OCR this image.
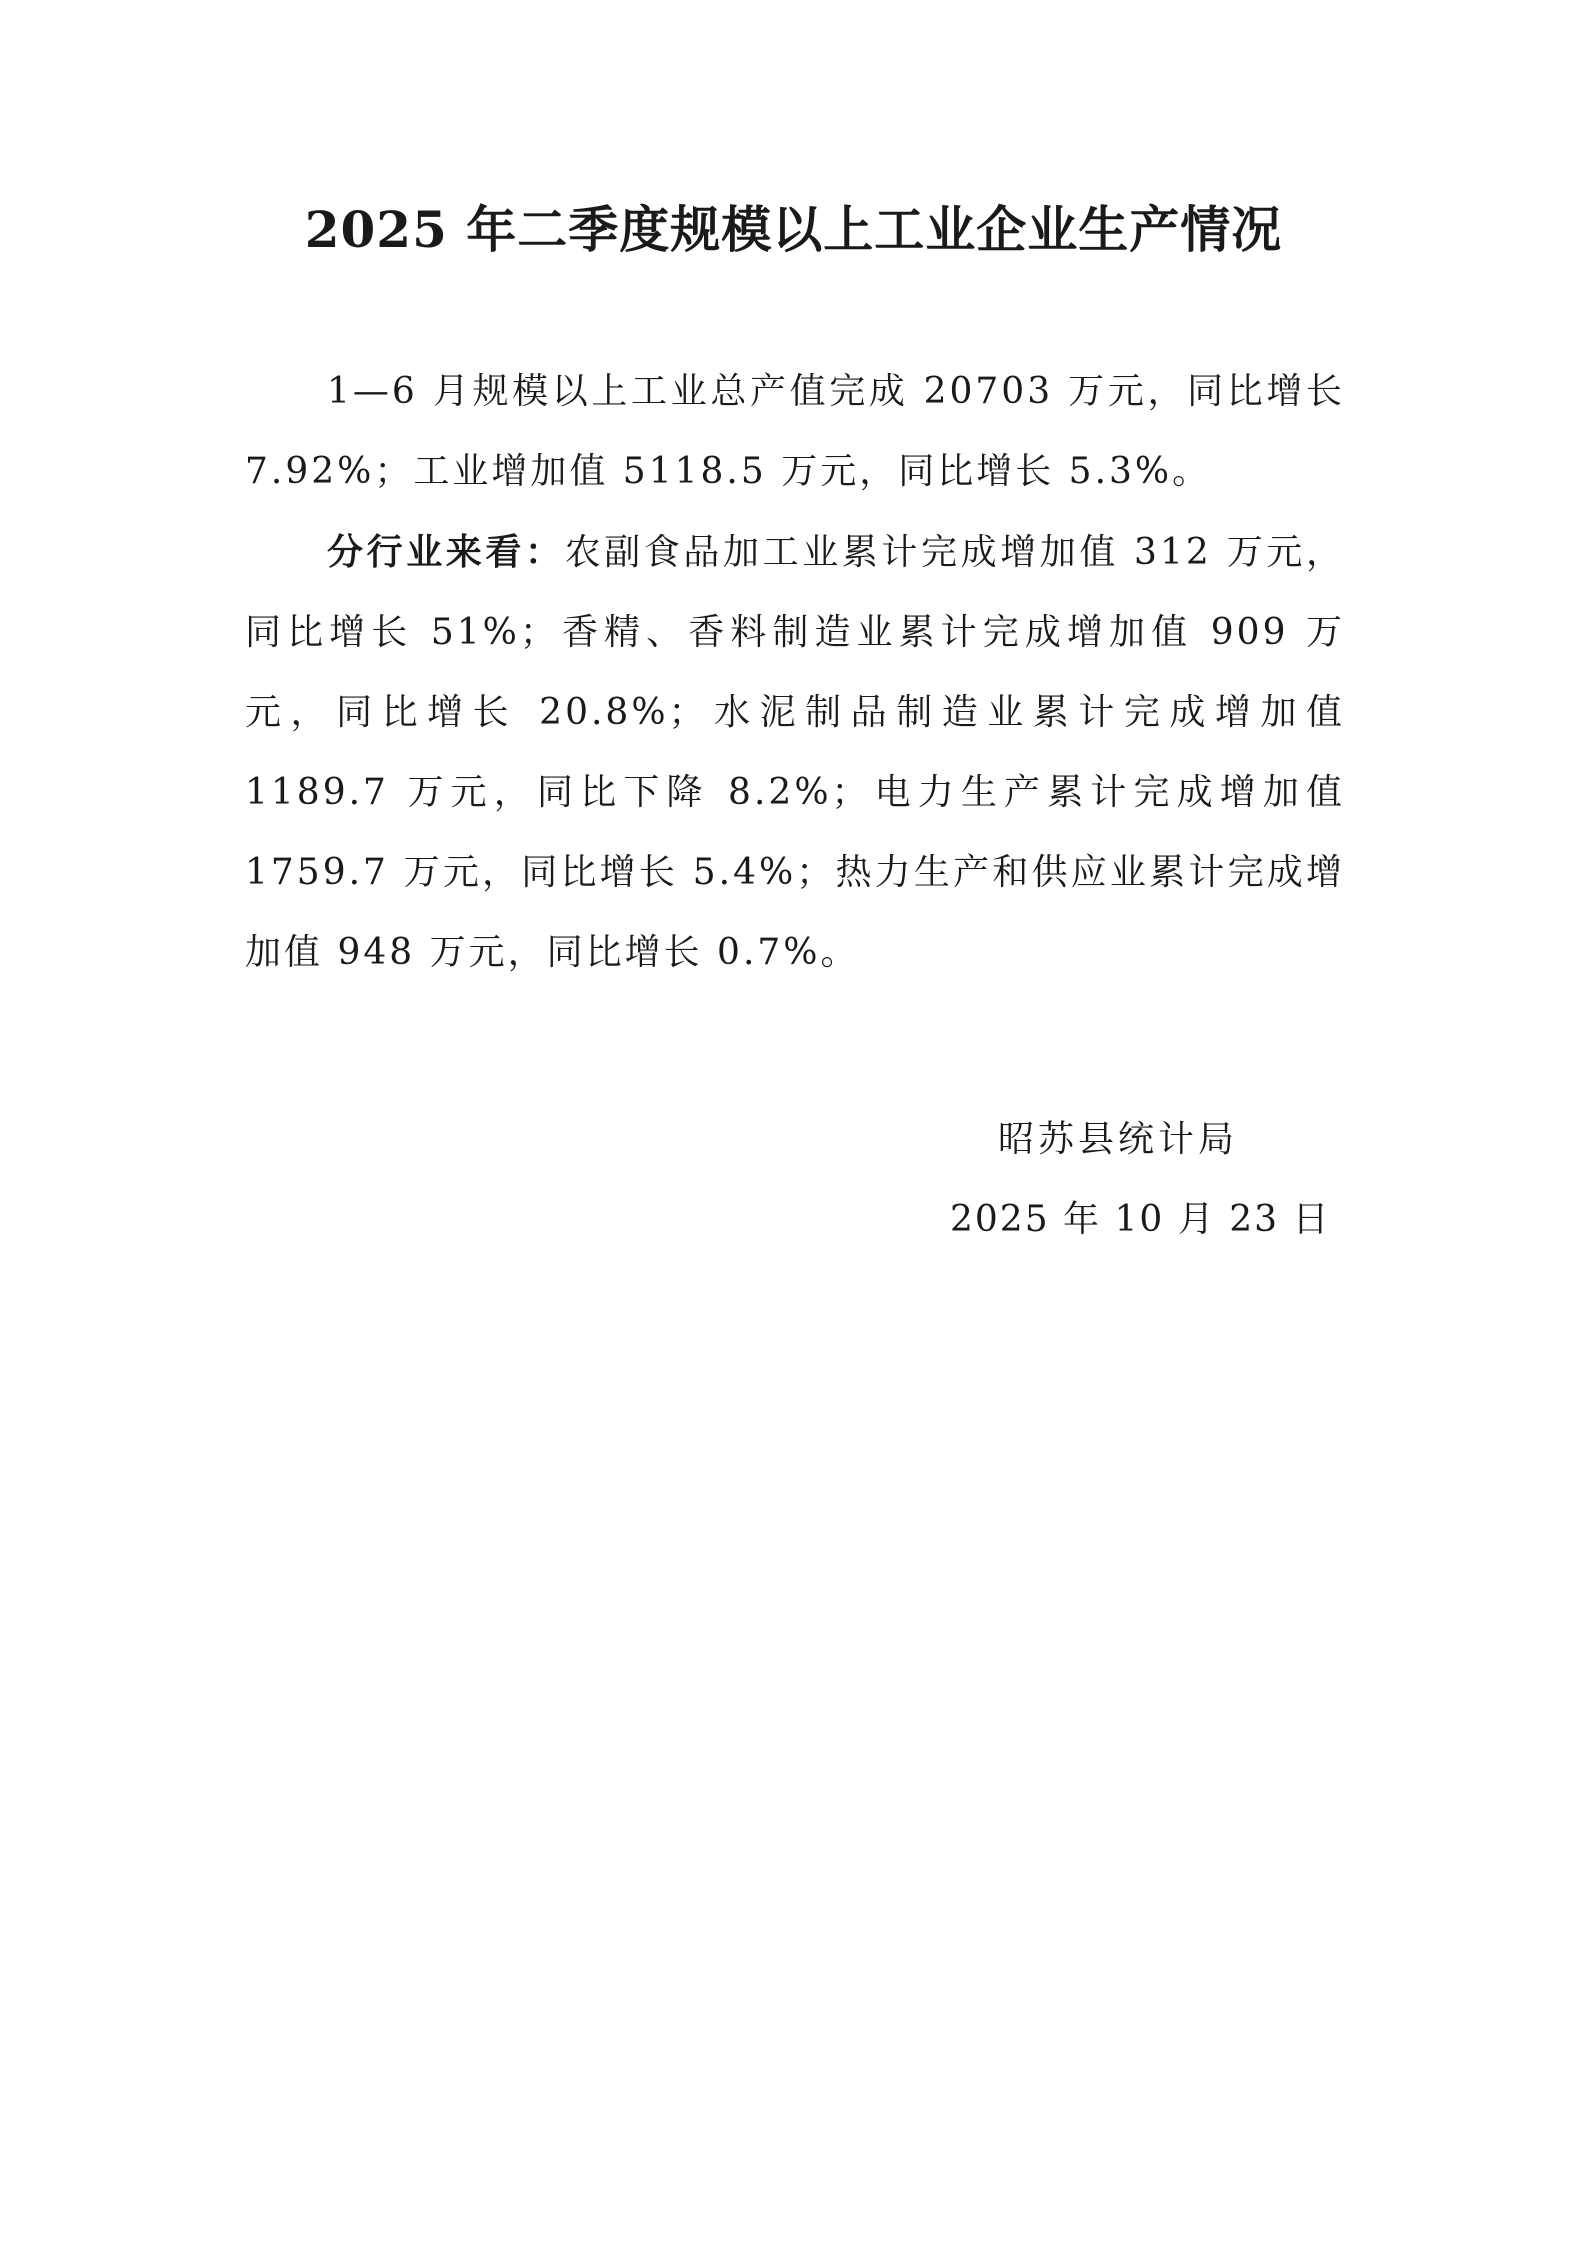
2025 年二季度规模以上工业企业生产情况

1—6 月规模以上工业总产值完成 20703 万元，同比增长 7.92%；工业增加值 5118.5 万元，同比增长 5.3%。

分行业来看：农副食品加工业累计完成增加值 312 万元，同比增长 51%；香精、香料制造业累计完成增加值 909 万元，同比增长 20.8%；水泥制品制造业累计完成增加值 1189.7 万元，同比下降 8.2%；电力生产累计完成增加值 1759.7 万元，同比增长 5.4%；热力生产和供应业累计完成增加值 948 万元，同比增长 0.7%。

昭苏县统计局

2025 年 10 月 23 日
